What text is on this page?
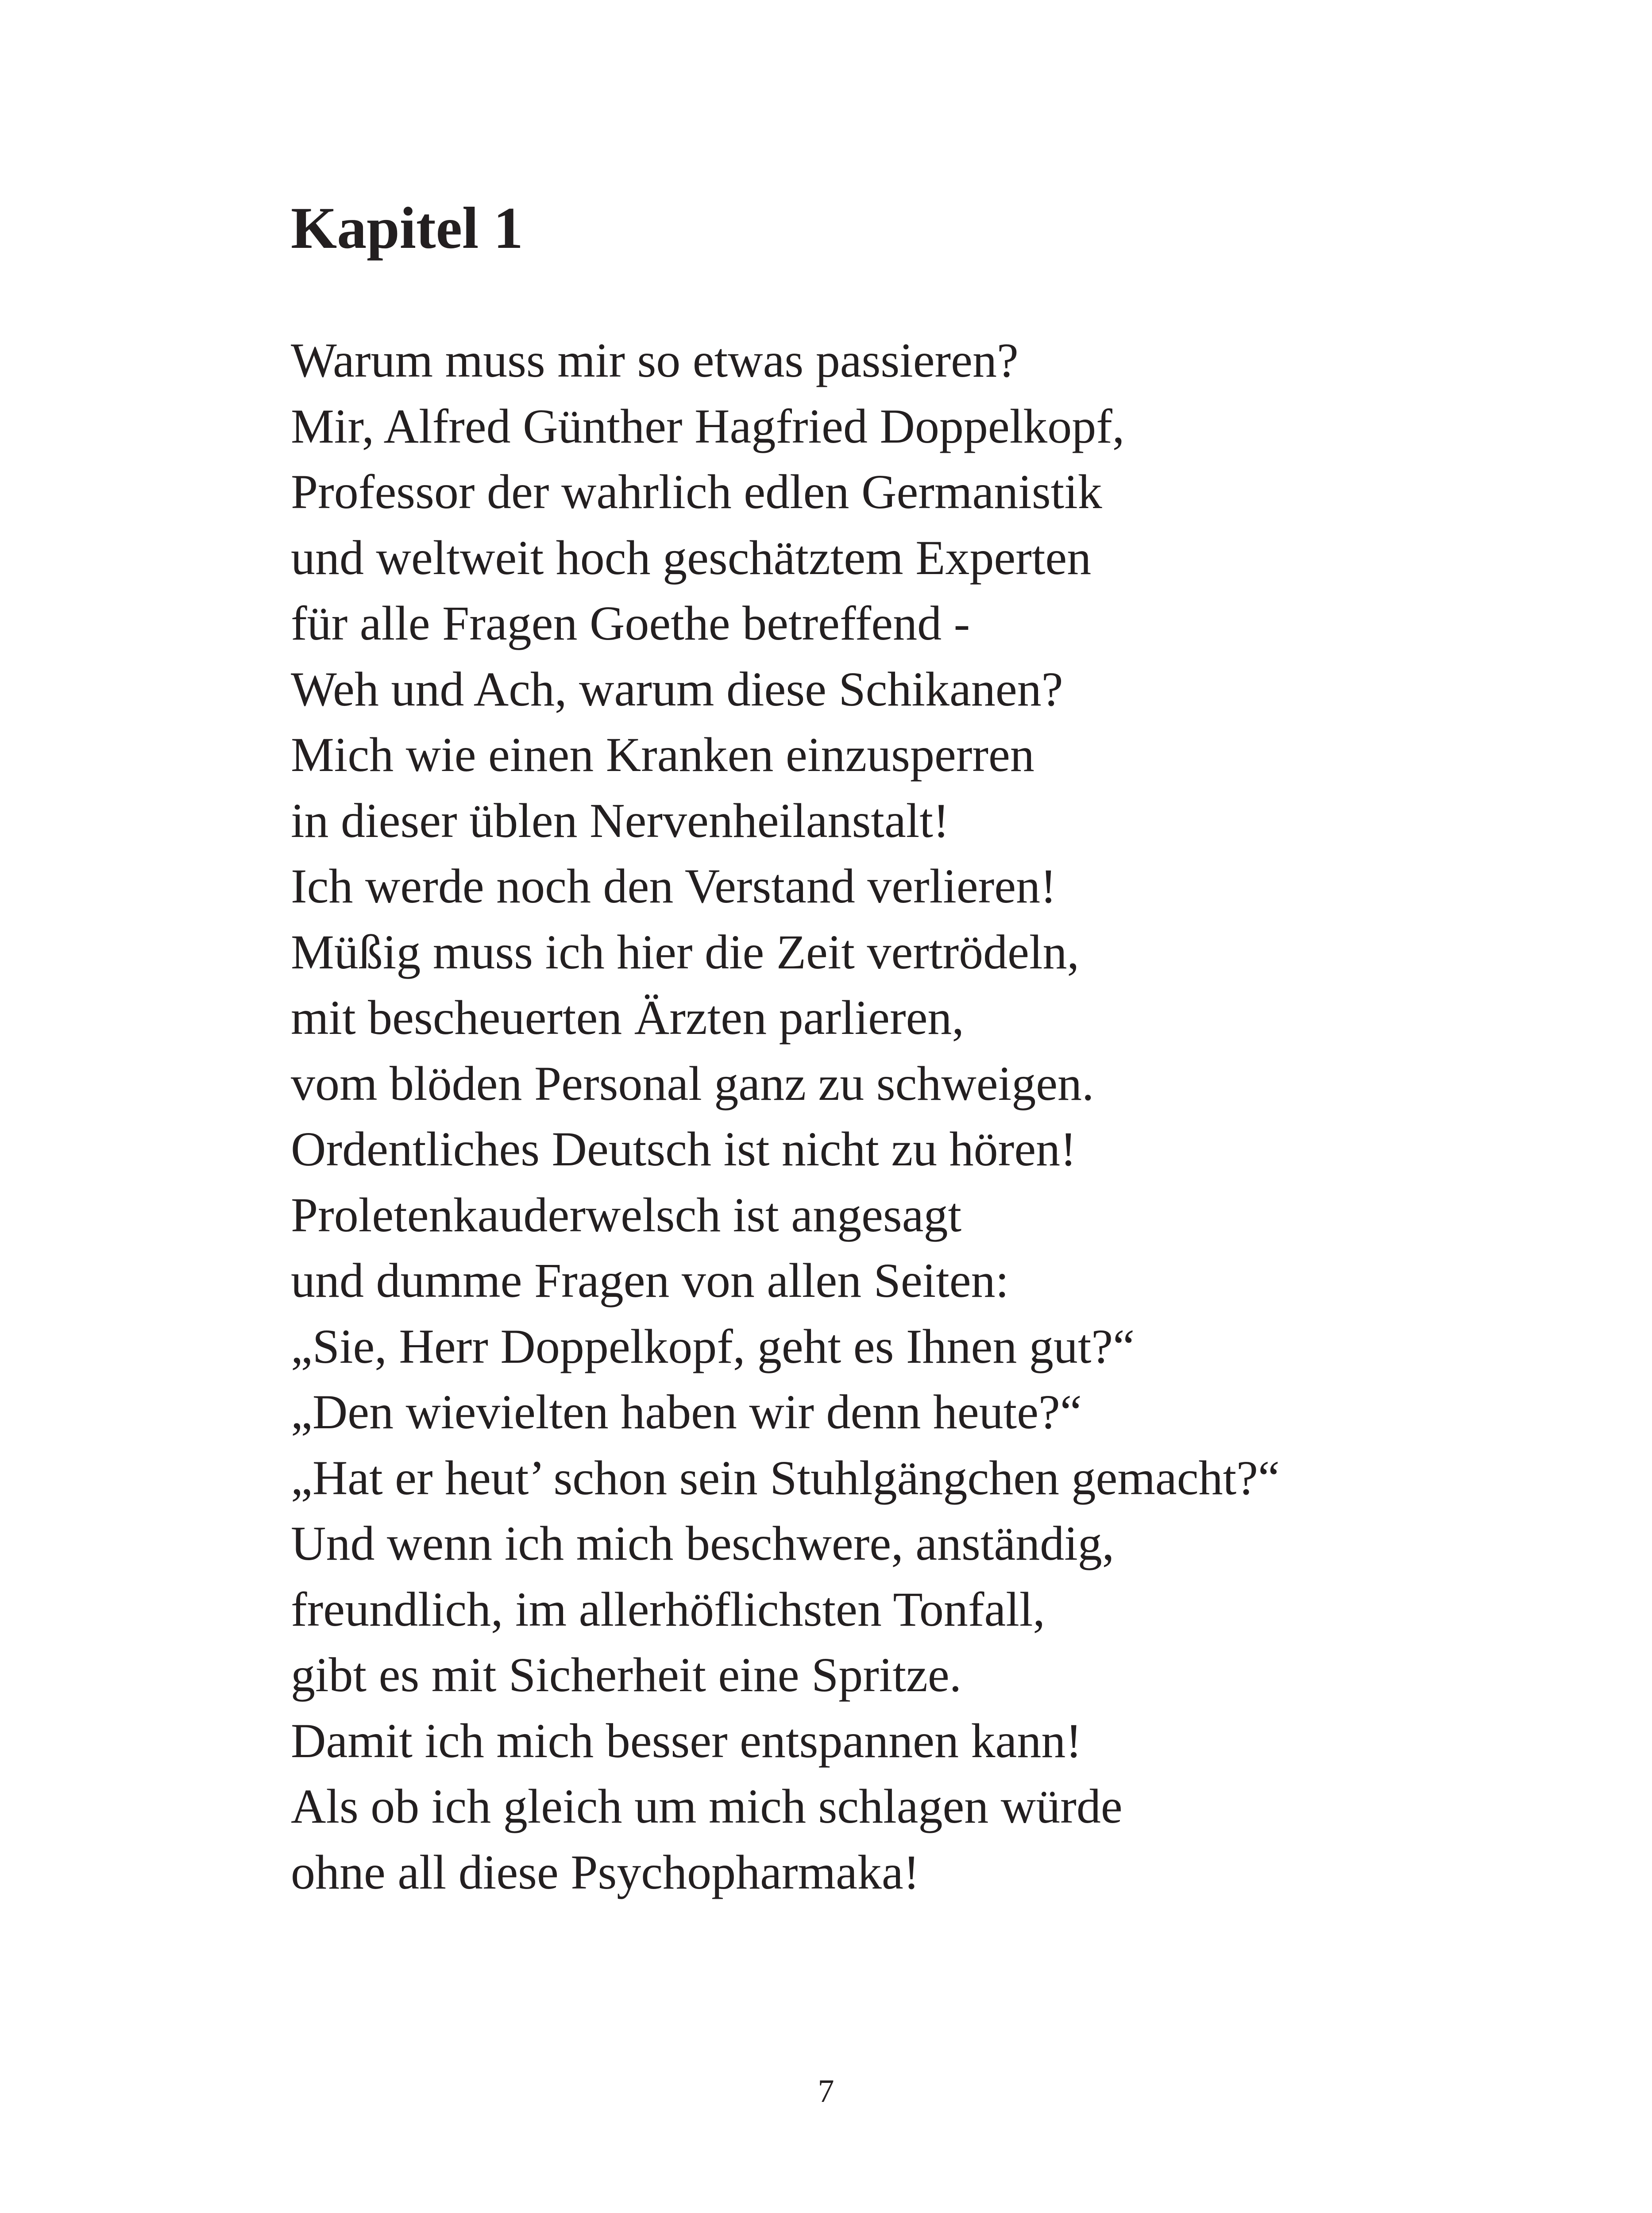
Kapitel 1
Warum muss mir so etwas passieren?
Mir, Alfred Günther Hagfried Doppelkopf,
Professor der wahrlich edlen Germanistik
und weltweit hoch geschätztem Experten
für alle Fragen Goethe betreffend -
Weh und Ach, warum diese Schikanen?
Mich wie einen Kranken einzusperren
in dieser üblen Nervenheilanstalt!
Ich werde noch den Verstand verlieren!
Müßig muss ich hier die Zeit vertrödeln,
mit bescheuerten Ärzten parlieren,
vom blöden Personal ganz zu schweigen.
Ordentliches Deutsch ist nicht zu hören!
Proletenkauderwelsch ist angesagt
und dumme Fragen von allen Seiten:
„Sie, Herr Doppelkopf, geht es Ihnen gut?“
„Den wievielten haben wir denn heute?“
„Hat er heut’ schon sein Stuhlgängchen gemacht?“
Und wenn ich mich beschwere, anständig,
freundlich, im allerhöflichsten Tonfall,
gibt es mit Sicherheit eine Spritze.
Damit ich mich besser entspannen kann!
Als ob ich gleich um mich schlagen würde
ohne all diese Psychopharmaka!
7
